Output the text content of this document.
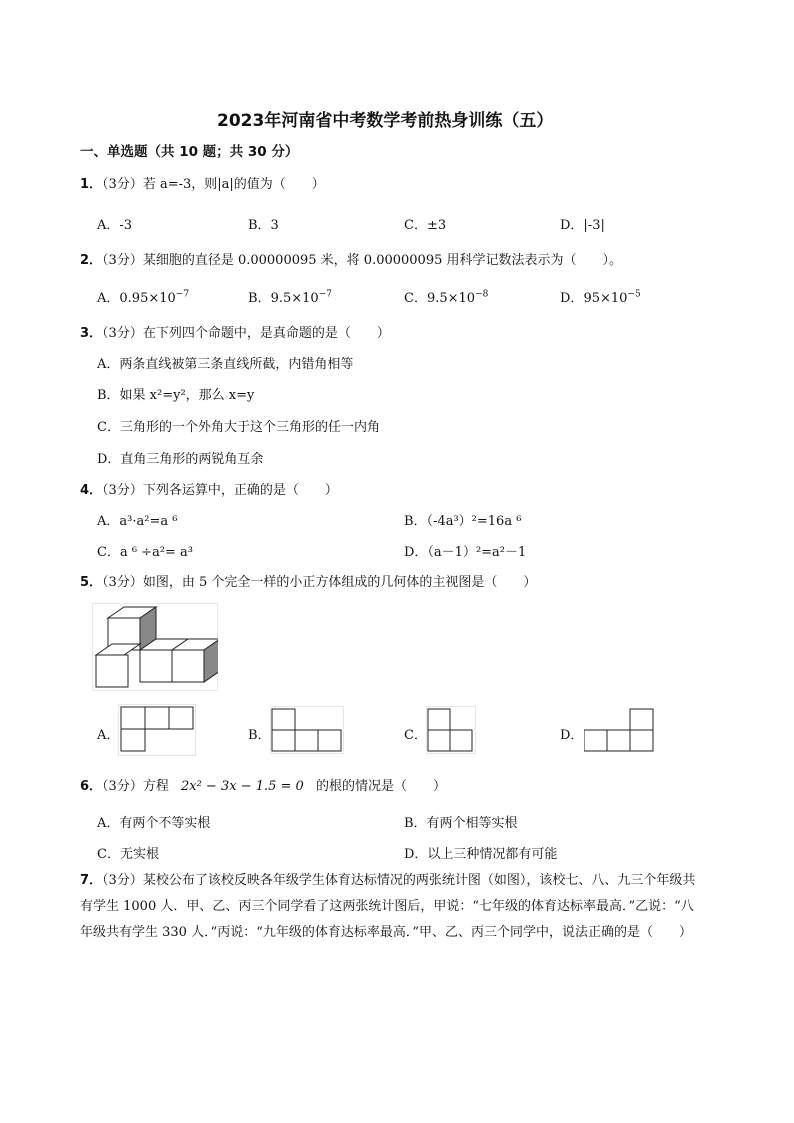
2023年河南省中考数学考前热身训练（五）
一、单选题（共 10 题；共 30 分）
1．（3分）若 a=-3，则|a|的值为（　　）
A．-3	B．3	C．±3	D．|-3|
2．（3分）某细胞的直径是 0.00000095 米，将 0.00000095 用科学记数法表示为（　　）。
A．$0.95\times 10^{-7}$	B．$9.5\times 10^{-7}$	C．$9.5\times 10^{-8}$	D．$95\times 10^{-5}$
3．（3分）在下列四个命题中，是真命题的是（　　）
A．两条直线被第三条直线所截，内错角相等
B．如果 x²=y²，那么 x=y
C．三角形的一个外角大于这个三角形的任一内角
D．直角三角形的两锐角互余
4．（3分）下列各运算中，正确的是（　　）
A．a³·a²=a ⁶	B．（-4a³）²=16a ⁶
C．a ⁶ ÷a²= a³	D．（a－1）²=a²－1
5．（3分）如图，由 5 个完全一样的小正方体组成的几何体的主视图是（　　）
A．	B．	C．	D．
6．（3分）方程 2x² − 3x − 1.5 = 0 的根的情况是（　　）
A．有两个不等实根	B．有两个相等实根
C．无实根	D．以上三种情况都有可能
7．（3分）某校公布了该校反映各年级学生体育达标情况的两张统计图（如图），该校七、八、九三个年级共有学生 1000 人．甲、乙、丙三个同学看了这两张统计图后，甲说：“七年级的体育达标率最高．”乙说：“八年级共有学生 330 人．”丙说：“九年级的体育达标率最高．”甲、乙、丙三个同学中，说法正确的是（　　）
